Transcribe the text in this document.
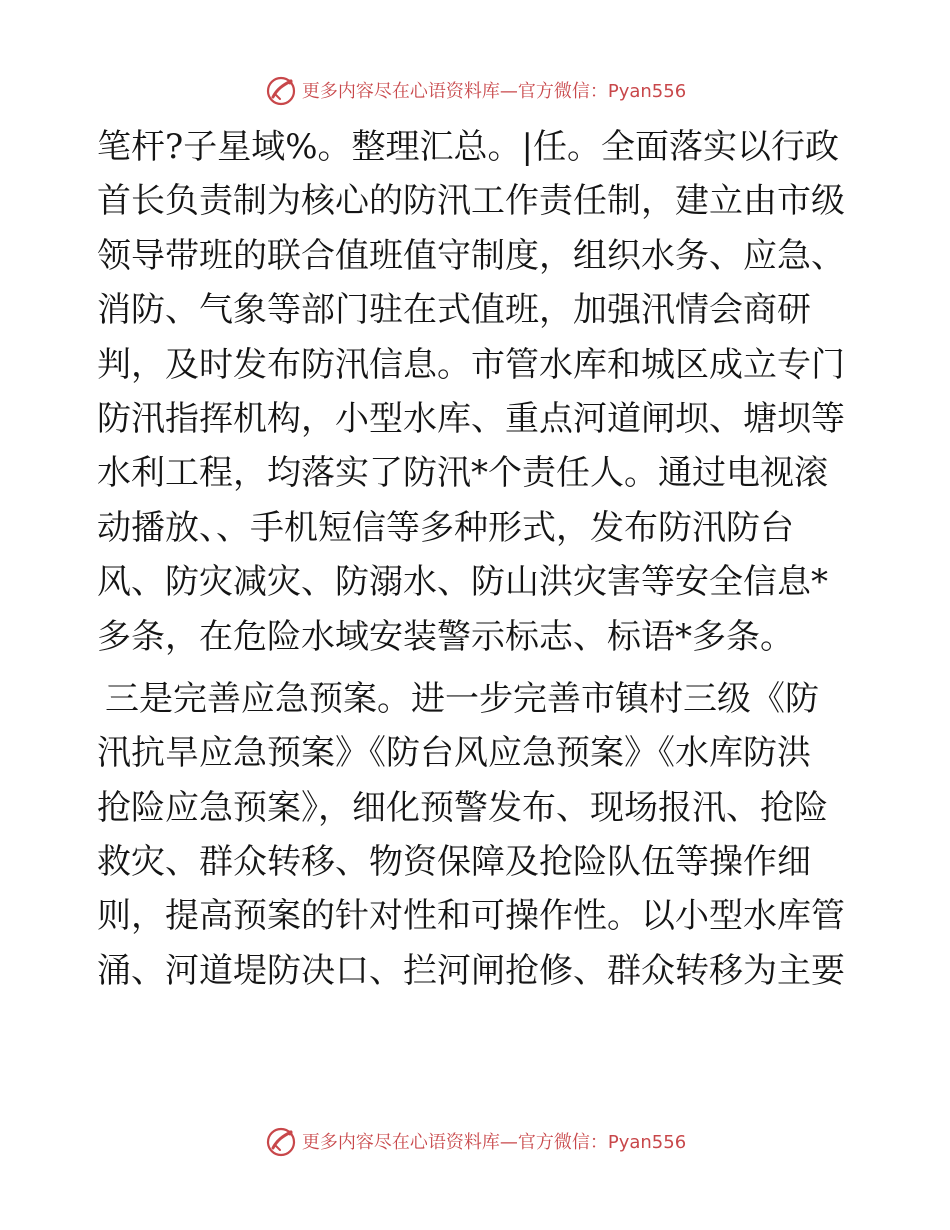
更多内容尽在心语资料库—官方微信：Pyan556
笔杆?子星域%。整理汇总。|任。全面落实以行政
首长负责制为核心的防汛工作责任制，建立由市级
领导带班的联合值班值守制度，组织水务、应急、
消防、气象等部门驻在式值班，加强汛情会商研
判，及时发布防汛信息。市管水库和城区成立专门
防汛指挥机构，小型水库、重点河道闸坝、塘坝等
水利工程，均落实了防汛*个责任人。通过电视滚
动播放、、手机短信等多种形式，发布防汛防台
风、防灾减灾、防溺水、防山洪灾害等安全信息*
多条，在危险水域安装警示标志、标语*多条。
三是完善应急预案。进一步完善市镇村三级《防
汛抗旱应急预案》《防台风应急预案》《水库防洪
抢险应急预案》，细化预警发布、现场报汛、抢险
救灾、群众转移、物资保障及抢险队伍等操作细
则，提高预案的针对性和可操作性。以小型水库管
涌、河道堤防决口、拦河闸抢修、群众转移为主要
更多内容尽在心语资料库—官方微信：Pyan556
